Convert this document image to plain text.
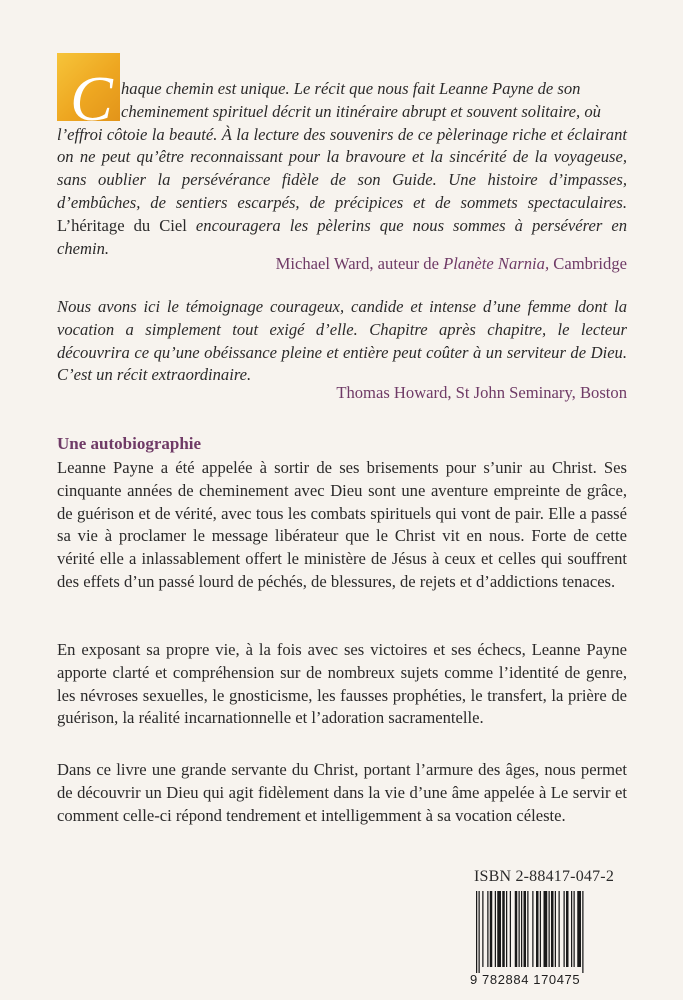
C haque chemin est unique. Le récit que nous fait Leanne Payne de son
cheminement spirituel décrit un itinéraire abrupt et souvent solitaire, où
l’effroi côtoie la beauté. À la lecture des souvenirs de ce pèlerinage riche et éclairant on ne peut qu’être reconnaissant pour la bravoure et la sincérité de la voyageuse, sans oublier la persévérance fidèle de son Guide. Une histoire d’impasses, d’embûches, de sentiers escarpés, de précipices et de sommets spectaculaires. L’héritage du Ciel encouragera les pèlerins que nous sommes à persévérer en chemin.
Michael Ward, auteur de Planète Narnia, Cambridge

Nous avons ici le témoignage courageux, candide et intense d’une femme dont la vocation a simplement tout exigé d’elle. Chapitre après chapitre, le lecteur découvrira ce qu’une obéissance pleine et entière peut coûter à un serviteur de Dieu. C’est un récit extraordinaire.

Thomas Howard, St John Seminary, Boston
Une autobiographie

Leanne Payne a été appelée à sortir de ses brisements pour s’unir au Christ. Ses cinquante années de cheminement avec Dieu sont une aventure empreinte de grâce, de guérison et de vérité, avec tous les combats spirituels qui vont de pair. Elle a passé sa vie à proclamer le message libérateur que le Christ vit en nous. Forte de cette vérité elle a inlassablement offert le ministère de Jésus à ceux et celles qui souffrent des effets d’un passé lourd de péchés, de blessures, de rejets et d’addictions tenaces.

En exposant sa propre vie, à la fois avec ses victoires et ses échecs, Leanne Payne apporte clarté et compréhension sur de nombreux sujets comme l’identité de genre, les névroses sexuelles, le gnosticisme, les fausses prophéties, le transfert, la prière de guérison, la réalité incarnationnelle et l’adoration sacramentelle.

Dans ce livre une grande servante du Christ, portant l’armure des âges, nous permet de découvrir un Dieu qui agit fidèlement dans la vie d’une âme appelée à Le servir et comment celle-ci répond tendrement et intelligemment à sa vocation céleste.

ISBN 2-88417-047-2
9 782884 170475
